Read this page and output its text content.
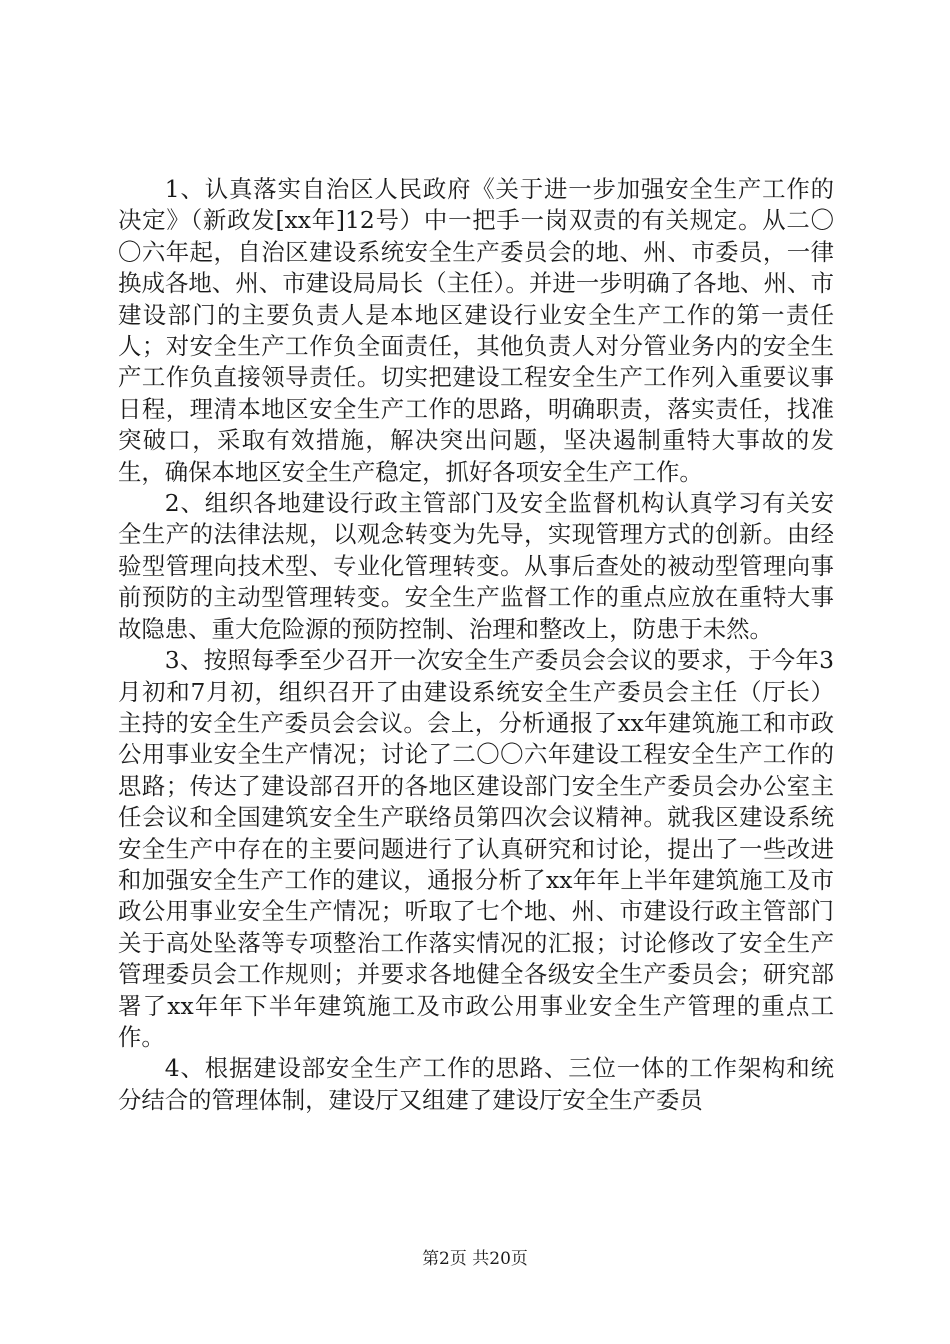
1、认真落实自治区人民政府《关于进一步加强安全生产工作的决定》（新政发[xx年]12号）中一把手一岗双责的有关规定。从二〇〇六年起，自治区建设系统安全生产委员会的地、州、市委员，一律换成各地、州、市建设局局长（主任）。并进一步明确了各地、州、市建设部门的主要负责人是本地区建设行业安全生产工作的第一责任人；对安全生产工作负全面责任，其他负责人对分管业务内的安全生产工作负直接领导责任。切实把建设工程安全生产工作列入重要议事日程，理清本地区安全生产工作的思路，明确职责，落实责任，找准突破口，采取有效措施，解决突出问题，坚决遏制重特大事故的发生，确保本地区安全生产稳定，抓好各项安全生产工作。

2、组织各地建设行政主管部门及安全监督机构认真学习有关安全生产的法律法规，以观念转变为先导，实现管理方式的创新。由经验型管理向技术型、专业化管理转变。从事后查处的被动型管理向事前预防的主动型管理转变。安全生产监督工作的重点应放在重特大事故隐患、重大危险源的预防控制、治理和整改上，防患于未然。

3、按照每季至少召开一次安全生产委员会会议的要求，于今年3月初和7月初，组织召开了由建设系统安全生产委员会主任（厅长）主持的安全生产委员会会议。会上，分析通报了xx年建筑施工和市政公用事业安全生产情况；讨论了二〇〇六年建设工程安全生产工作的思路；传达了建设部召开的各地区建设部门安全生产委员会办公室主任会议和全国建筑安全生产联络员第四次会议精神。就我区建设系统安全生产中存在的主要问题进行了认真研究和讨论，提出了一些改进和加强安全生产工作的建议，通报分析了xx年年上半年建筑施工及市政公用事业安全生产情况；听取了七个地、州、市建设行政主管部门关于高处坠落等专项整治工作落实情况的汇报；讨论修改了安全生产管理委员会工作规则；并要求各地健全各级安全生产委员会；研究部署了xx年年下半年建筑施工及市政公用事业安全生产管理的重点工作。

4、根据建设部安全生产工作的思路、三位一体的工作架构和统分结合的管理体制，建设厅又组建了建设厅安全生产委员

第2页 共20页
